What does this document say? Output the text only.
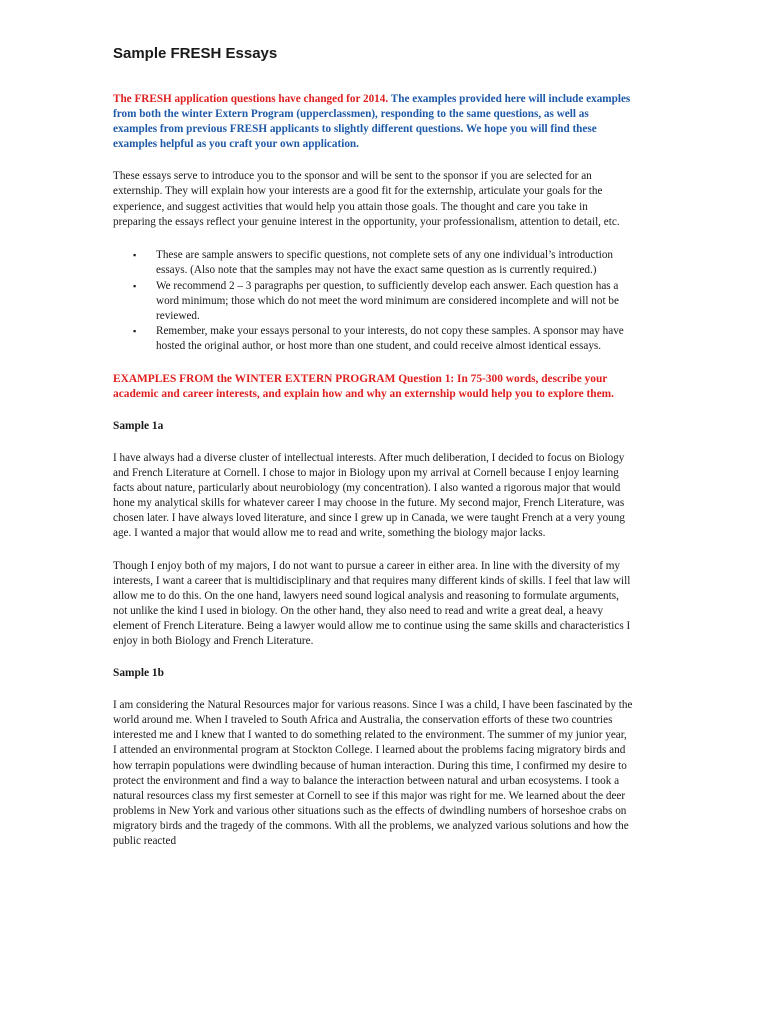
Sample FRESH Essays
The FRESH application questions have changed for 2014. The examples provided here will include examples from both the winter Extern Program (upperclassmen), responding to the same questions, as well as examples from previous FRESH applicants to slightly different questions. We hope you will find these examples helpful as you craft your own application.

These essays serve to introduce you to the sponsor and will be sent to the sponsor if you are selected for an externship. They will explain how your interests are a good fit for the externship, articulate your goals for the experience, and suggest activities that would help you attain those goals. The thought and care you take in preparing the essays reflect your genuine interest in the opportunity, your professionalism, attention to detail, etc.

▪ These are sample answers to specific questions, not complete sets of any one individual’s introduction essays. (Also note that the samples may not have the exact same question as is currently required.)
▪ We recommend 2 – 3 paragraphs per question, to sufficiently develop each answer. Each question has a word minimum; those which do not meet the word minimum are considered incomplete and will not be reviewed.
▪ Remember, make your essays personal to your interests, do not copy these samples. A sponsor may have hosted the original author, or host more than one student, and could receive almost identical essays.
EXAMPLES FROM the WINTER EXTERN PROGRAM Question 1: In 75-300 words, describe your academic and career interests, and explain how and why an externship would help you to explore them.
Sample 1a

I have always had a diverse cluster of intellectual interests. After much deliberation, I decided to focus on Biology and French Literature at Cornell. I chose to major in Biology upon my arrival at Cornell because I enjoy learning facts about nature, particularly about neurobiology (my concentration). I also wanted a rigorous major that would hone my analytical skills for whatever career I may choose in the future. My second major, French Literature, was chosen later. I have always loved literature, and since I grew up in Canada, we were taught French at a very young age. I wanted a major that would allow me to read and write, something the biology major lacks.

Though I enjoy both of my majors, I do not want to pursue a career in either area. In line with the diversity of my interests, I want a career that is multidisciplinary and that requires many different kinds of skills. I feel that law will allow me to do this. On the one hand, lawyers need sound logical analysis and reasoning to formulate arguments, not unlike the kind I used in biology. On the other hand, they also need to read and write a great deal, a heavy element of French Literature. Being a lawyer would allow me to continue using the same skills and characteristics I enjoy in both Biology and French Literature.

Sample 1b

I am considering the Natural Resources major for various reasons. Since I was a child, I have been fascinated by the world around me. When I traveled to South Africa and Australia, the conservation efforts of these two countries interested me and I knew that I wanted to do something related to the environment. The summer of my junior year, I attended an environmental program at Stockton College. I learned about the problems facing migratory birds and how terrapin populations were dwindling because of human interaction. During this time, I confirmed my desire to protect the environment and find a way to balance the interaction between natural and urban ecosystems. I took a natural resources class my first semester at Cornell to see if this major was right for me. We learned about the deer problems in New York and various other situations such as the effects of dwindling numbers of horseshoe crabs on migratory birds and the tragedy of the commons. With all the problems, we analyzed various solutions and how the public reacted
